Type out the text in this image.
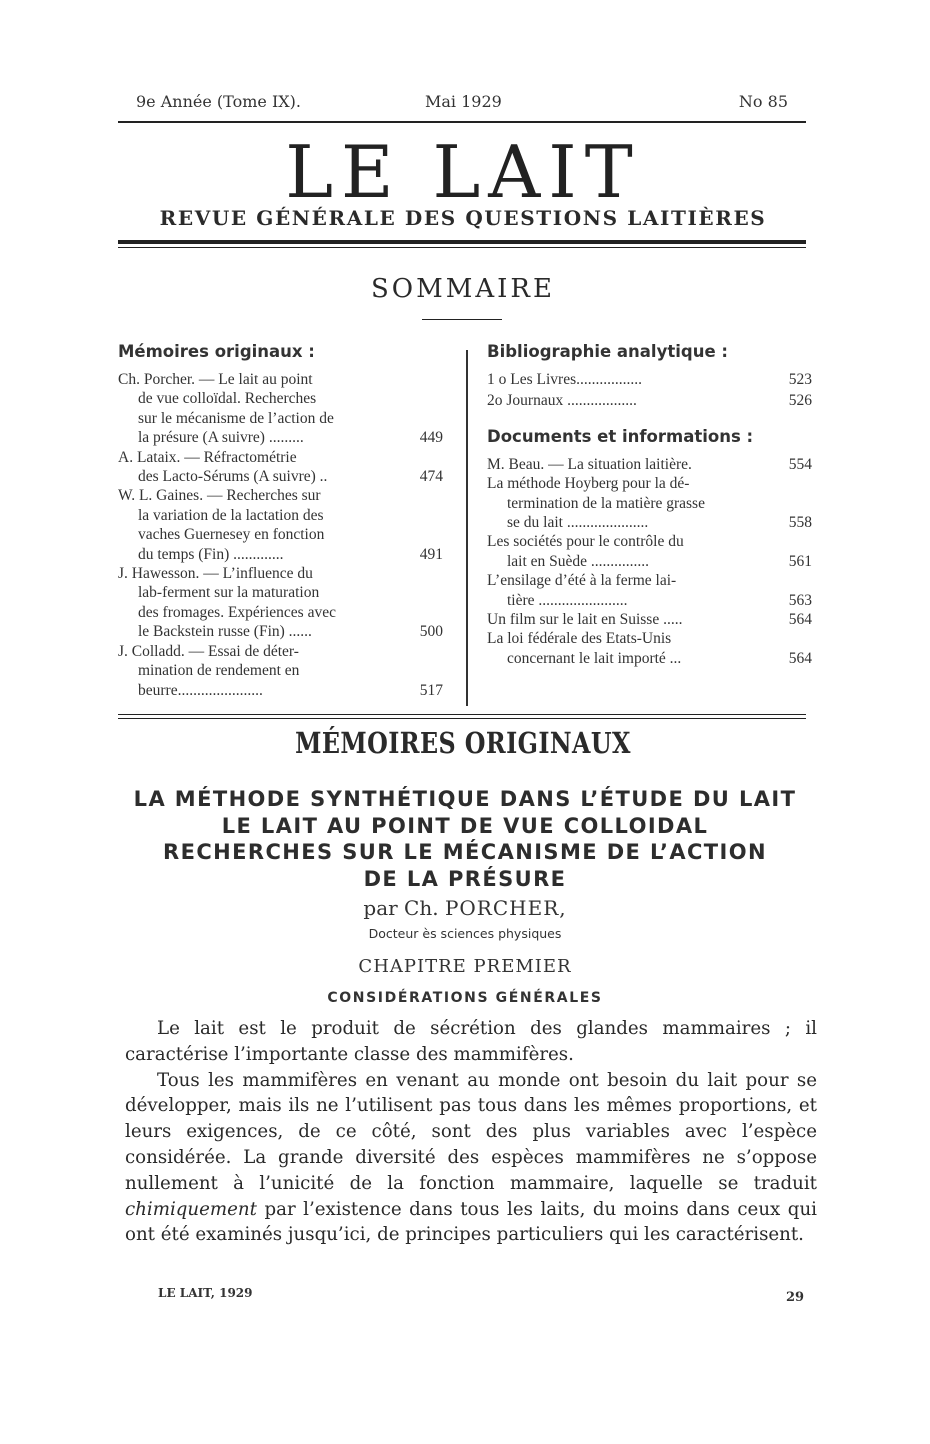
9e Année (Tome IX).	Mai 1929	No 85
LE LAIT
REVUE GÉNÉRALE DES QUESTIONS LAITIÈRES
SOMMAIRE
Mémoires originaux :
Ch. Porcher. — Le lait au point
de vue colloïdal. Recherches
sur le mécanisme de l’action de
la présure (A suivre) .........	449
A. Lataix. — Réfractométrie
des Lacto-Sérums (A suivre) ..	474
W. L. Gaines. — Recherches sur
la variation de la lactation des
vaches Guernesey en fonction
du temps (Fin) .............	491
J. Hawesson. — L’influence du
lab-ferment sur la maturation
des fromages. Expériences avec
le Backstein russe (Fin) ......	500
J. Colladd. — Essai de déter-
mination de rendement en
beurre......................	517
Bibliographie analytique :
1 o Les Livres.................	523
2o Journaux ..................	526
Documents et informations :
M. Beau. — La situation laitière.	554
La méthode Hoyberg pour la dé-
termination de la matière grasse
se du lait .....................	558
Les sociétés pour le contrôle du
lait en Suède ...............	561
L’ensilage d’été à la ferme lai-
tière .......................	563
Un film sur le lait en Suisse .....	564
La loi fédérale des Etats-Unis
concernant le lait importé ...	564
MÉMOIRES ORIGINAUX
LA MÉTHODE SYNTHÉTIQUE DANS L’ÉTUDE DU LAIT
LE LAIT AU POINT DE VUE COLLOIDAL
RECHERCHES SUR LE MÉCANISME DE L’ACTION
DE LA PRÉSURE
par Ch. PORCHER,
Docteur ès sciences physiques
CHAPITRE PREMIER
CONSIDÉRATIONS GÉNÉRALES

Le lait est le produit de sécrétion des glandes mammaires ; il caractérise l’importante classe des mammifères.

Tous les mammifères en venant au monde ont besoin du lait pour se développer, mais ils ne l’utilisent pas tous dans les mêmes proportions, et leurs exigences, de ce côté, sont des plus variables avec l’espèce considérée. La grande diversité des espèces mammifères ne s’oppose nullement à l’unicité de la fonction mammaire, laquelle se traduit chimiquement par l’existence dans tous les laits, du moins dans ceux qui ont été examinés jusqu’ici, de principes particuliers qui les caractérisent.

LE LAIT, 1929	29
